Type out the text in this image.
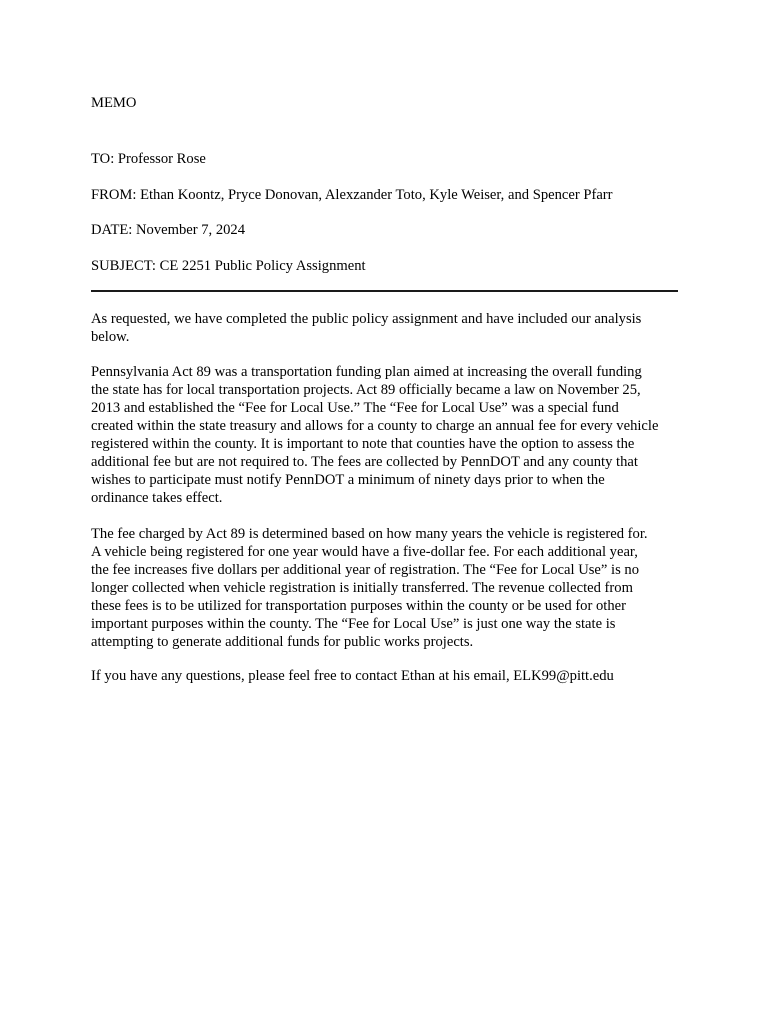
MEMO
TO: Professor Rose
FROM: Ethan Koontz, Pryce Donovan, Alexzander Toto, Kyle Weiser, and Spencer Pfarr
DATE: November 7, 2024
SUBJECT: CE 2251 Public Policy Assignment
As requested, we have completed the public policy assignment and have included our analysis
below.
Pennsylvania Act 89 was a transportation funding plan aimed at increasing the overall funding
the state has for local transportation projects. Act 89 officially became a law on November 25,
2013 and established the “Fee for Local Use.” The “Fee for Local Use” was a special fund
created within the state treasury and allows for a county to charge an annual fee for every vehicle
registered within the county. It is important to note that counties have the option to assess the
additional fee but are not required to. The fees are collected by PennDOT and any county that
wishes to participate must notify PennDOT a minimum of ninety days prior to when the
ordinance takes effect.
The fee charged by Act 89 is determined based on how many years the vehicle is registered for.
A vehicle being registered for one year would have a five-dollar fee. For each additional year,
the fee increases five dollars per additional year of registration. The “Fee for Local Use” is no
longer collected when vehicle registration is initially transferred. The revenue collected from
these fees is to be utilized for transportation purposes within the county or be used for other
important purposes within the county. The “Fee for Local Use” is just one way the state is
attempting to generate additional funds for public works projects.
If you have any questions, please feel free to contact Ethan at his email, ELK99@pitt.edu
